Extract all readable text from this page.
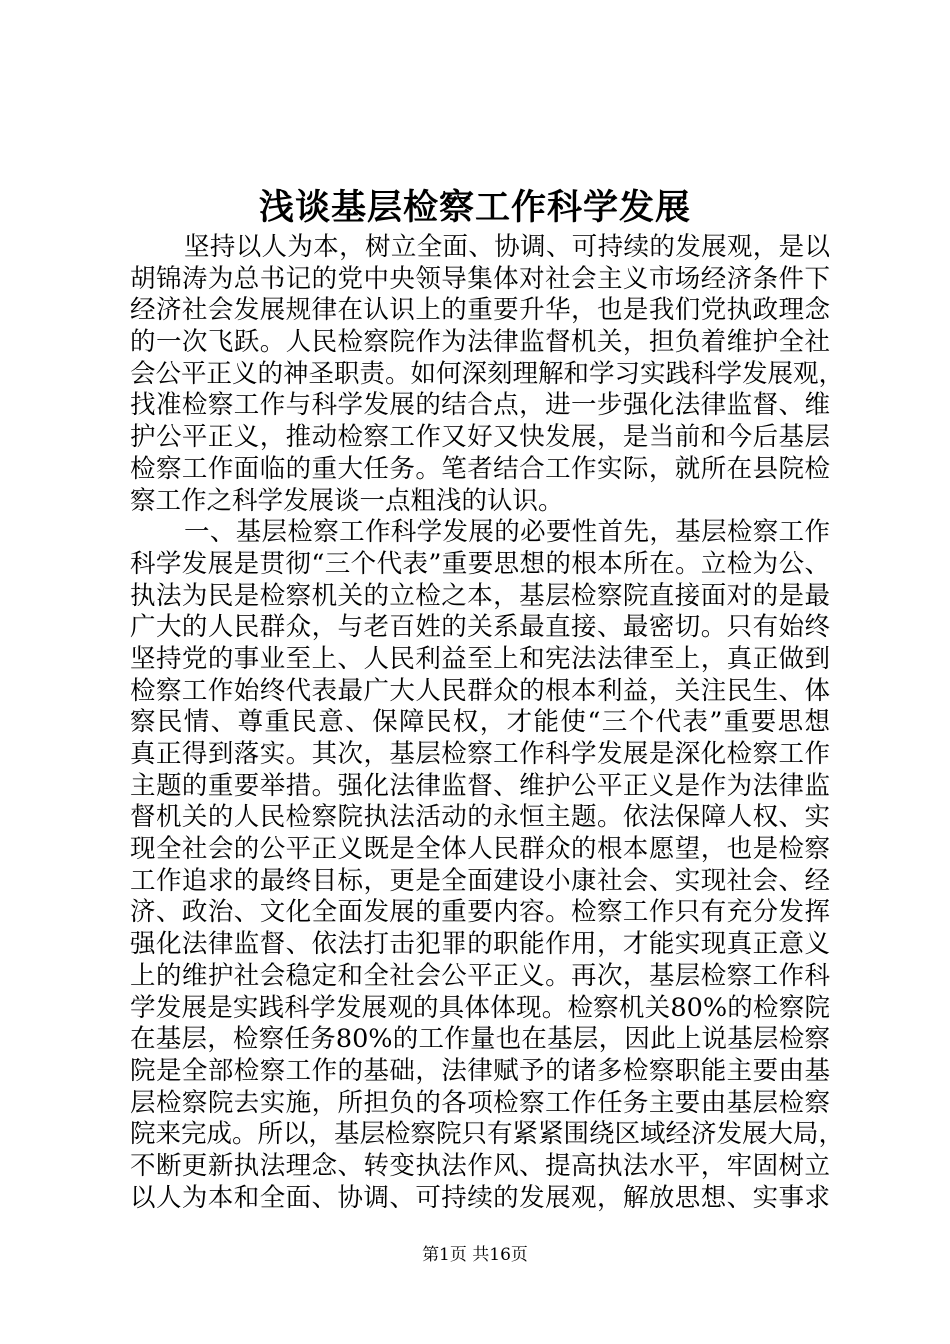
浅谈基层检察工作科学发展
坚持以人为本，树立全面、协调、可持续的发展观，是以
胡锦涛为总书记的党中央领导集体对社会主义市场经济条件下
经济社会发展规律在认识上的重要升华，也是我们党执政理念
的一次飞跃。人民检察院作为法律监督机关，担负着维护全社
会公平正义的神圣职责。如何深刻理解和学习实践科学发展观，
找准检察工作与科学发展的结合点，进一步强化法律监督、维
护公平正义，推动检察工作又好又快发展，是当前和今后基层
检察工作面临的重大任务。笔者结合工作实际，就所在县院检
察工作之科学发展谈一点粗浅的认识。
一、基层检察工作科学发展的必要性首先，基层检察工作
科学发展是贯彻“三个代表”重要思想的根本所在。立检为公、
执法为民是检察机关的立检之本，基层检察院直接面对的是最
广大的人民群众，与老百姓的关系最直接、最密切。只有始终
坚持党的事业至上、人民利益至上和宪法法律至上，真正做到
检察工作始终代表最广大人民群众的根本利益，关注民生、体
察民情、尊重民意、保障民权，才能使“三个代表”重要思想
真正得到落实。其次，基层检察工作科学发展是深化检察工作
主题的重要举措。强化法律监督、维护公平正义是作为法律监
督机关的人民检察院执法活动的永恒主题。依法保障人权、实
现全社会的公平正义既是全体人民群众的根本愿望，也是检察
工作追求的最终目标，更是全面建设小康社会、实现社会、经
济、政治、文化全面发展的重要内容。检察工作只有充分发挥
强化法律监督、依法打击犯罪的职能作用，才能实现真正意义
上的维护社会稳定和全社会公平正义。再次，基层检察工作科
学发展是实践科学发展观的具体体现。检察机关80%的检察院
在基层，检察任务80%的工作量也在基层，因此上说基层检察
院是全部检察工作的基础，法律赋予的诸多检察职能主要由基
层检察院去实施，所担负的各项检察工作任务主要由基层检察
院来完成。所以，基层检察院只有紧紧围绕区域经济发展大局，
不断更新执法理念、转变执法作风、提高执法水平，牢固树立
以人为本和全面、协调、可持续的发展观，解放思想、实事求
第1页 共16页
